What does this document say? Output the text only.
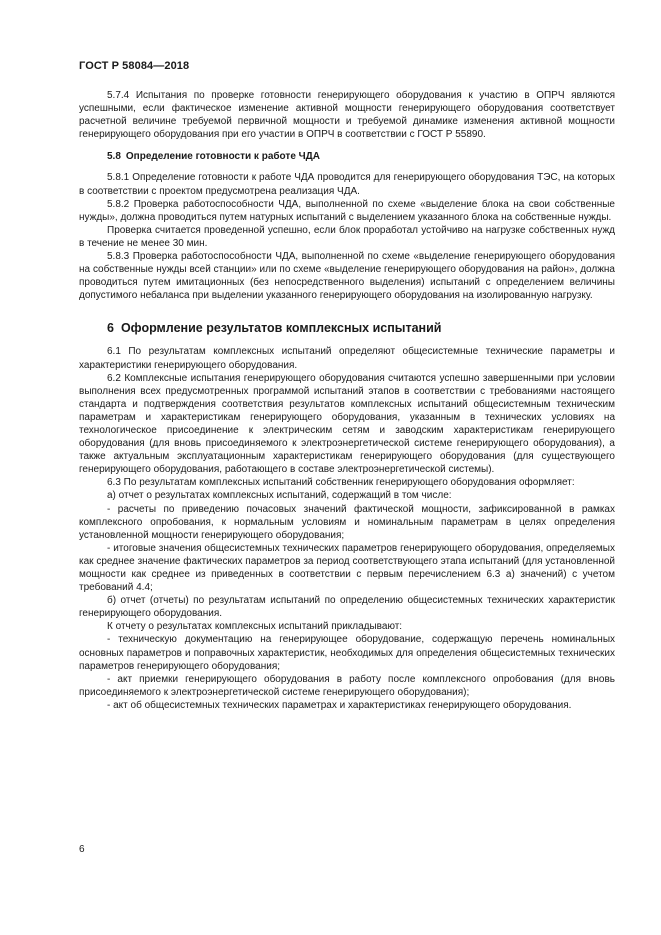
ГОСТ Р 58084—2018

5.7.4 Испытания по проверке готовности генерирующего оборудования к участию в ОПРЧ являются успешными, если фактическое изменение активной мощности генерирующего оборудования соответствует расчетной величине требуемой первичной мощности и требуемой динамике изменения активной мощности генерирующего оборудования при его участии в ОПРЧ в соответствии с ГОСТ Р 55890.

5.8 Определение готовности к работе ЧДА

5.8.1 Определение готовности к работе ЧДА проводится для генерирующего оборудования ТЭС, на которых в соответствии с проектом предусмотрена реализация ЧДА.

5.8.2 Проверка работоспособности ЧДА, выполненной по схеме «выделение блока на свои собственные нужды», должна проводиться путем натурных испытаний с выделением указанного блока на собственные нужды.

Проверка считается проведенной успешно, если блок проработал устойчиво на нагрузке собственных нужд в течение не менее 30 мин.

5.8.3 Проверка работоспособности ЧДА, выполненной по схеме «выделение генерирующего оборудования на собственные нужды всей станции» или по схеме «выделение генерирующего оборудования на район», должна проводиться путем имитационных (без непосредственного выделения) испытаний с определением величины допустимого небаланса при выделении указанного генерирующего оборудования на изолированную нагрузку.

6 Оформление результатов комплексных испытаний

6.1 По результатам комплексных испытаний определяют общесистемные технические параметры и характеристики генерирующего оборудования.

6.2 Комплексные испытания генерирующего оборудования считаются успешно завершенными при условии выполнения всех предусмотренных программой испытаний этапов в соответствии с требованиями настоящего стандарта и подтверждения соответствия результатов комплексных испытаний общесистемным техническим параметрам и характеристикам генерирующего оборудования, указанным в технических условиях на технологическое присоединение к электрическим сетям и заводским характеристикам генерирующего оборудования (для вновь присоединяемого к электроэнергетической системе генерирующего оборудования), а также актуальным эксплуатационным характеристикам генерирующего оборудования (для существующего генерирующего оборудования, работающего в составе электроэнергетической системы).

6.3 По результатам комплексных испытаний собственник генерирующего оборудования оформляет:

а) отчет о результатах комплексных испытаний, содержащий в том числе:

- расчеты по приведению почасовых значений фактической мощности, зафиксированной в рамках комплексного опробования, к нормальным условиям и номинальным параметрам в целях определения установленной мощности генерирующего оборудования;

- итоговые значения общесистемных технических параметров генерирующего оборудования, определяемых как среднее значение фактических параметров за период соответствующего этапа испытаний (для установленной мощности как среднее из приведенных в соответствии с первым перечислением 6.3 а) значений) с учетом требований 4.4;

б) отчет (отчеты) по результатам испытаний по определению общесистемных технических характеристик генерирующего оборудования.

К отчету о результатах комплексных испытаний прикладывают:

- техническую документацию на генерирующее оборудование, содержащую перечень номинальных основных параметров и поправочных характеристик, необходимых для определения общесистемных технических параметров генерирующего оборудования;

- акт приемки генерирующего оборудования в работу после комплексного опробования (для вновь присоединяемого к электроэнергетической системе генерирующего оборудования);

- акт об общесистемных технических параметрах и характеристиках генерирующего оборудования.

6
